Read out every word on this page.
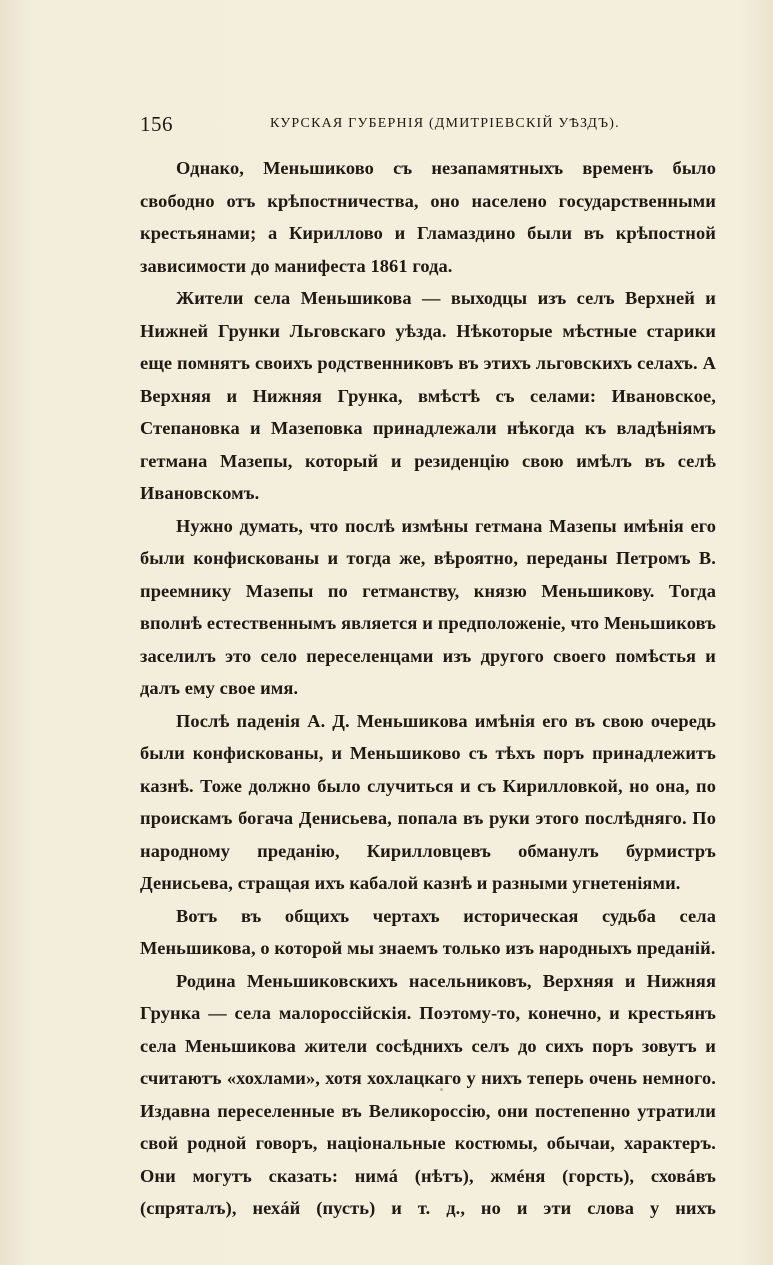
156	КУРСКАЯ ГУБЕРНІЯ (ДМИТРІЕВСКІЙ УѢЗДЪ).

Однако, Меньшиково съ незапамятныхъ временъ было свободно отъ крѣпостничества, оно населено государственными крестьянами; а Кириллово и Гламаздино были въ крѣпостной зависимости до манифеста 1861 года.

Жители села Меньшикова — выходцы изъ селъ Верхней и Нижней Грунки Льговскаго уѣзда. Нѣкоторые мѣстные старики еще помнятъ своихъ родственниковъ въ этихъ льговскихъ селахъ. А Верхняя и Нижняя Грунка, вмѣстѣ съ селами: Ивановское, Степановка и Мазеповка принадлежали нѣкогда къ владѣніямъ гетмана Мазепы, который и резиденцію свою имѣлъ въ селѣ Ивановскомъ.

Нужно думать, что послѣ измѣны гетмана Мазепы имѣнія его были конфискованы и тогда же, вѣроятно, переданы Петромъ В. преемнику Мазепы по гетманству, князю Меньшикову. Тогда вполнѣ естественнымъ является и предположеніе, что Меньшиковъ заселилъ это село переселенцами изъ другого своего помѣстья и далъ ему свое имя.

Послѣ паденія А. Д. Меньшикова имѣнія его въ свою очередь были конфискованы, и Меньшиково съ тѣхъ поръ принадлежитъ казнѣ. Тоже должно было случиться и съ Кирилловкой, но она, по проискамъ богача Денисьева, попала въ руки этого послѣдняго. По народному преданію, Кирилловцевъ обманулъ бурмистръ Денисьева, стращая ихъ кабалой казнѣ и разными угнетеніями.

Вотъ въ общихъ чертахъ историческая судьба села Меньшикова, о которой мы знаемъ только изъ народныхъ преданій.

Родина Меньшиковскихъ насельниковъ, Верхняя и Нижняя Грунка — села малороссійскія. Поэтому-то, конечно, и крестьянъ села Меньшикова жители сосѣднихъ селъ до сихъ поръ зовутъ и считаютъ «хохлами», хотя хохлацкаго у нихъ теперь очень немного. Издавна переселенные въ Великороссію, они постепенно утратили свой родной говоръ, національные костюмы, обычаи, характеръ. Они могутъ сказать: нимá (нѣтъ), жмéня (горсть), сховáвъ (спряталъ), нехáй (пусть) и т. д., но и эти слова у нихъ
